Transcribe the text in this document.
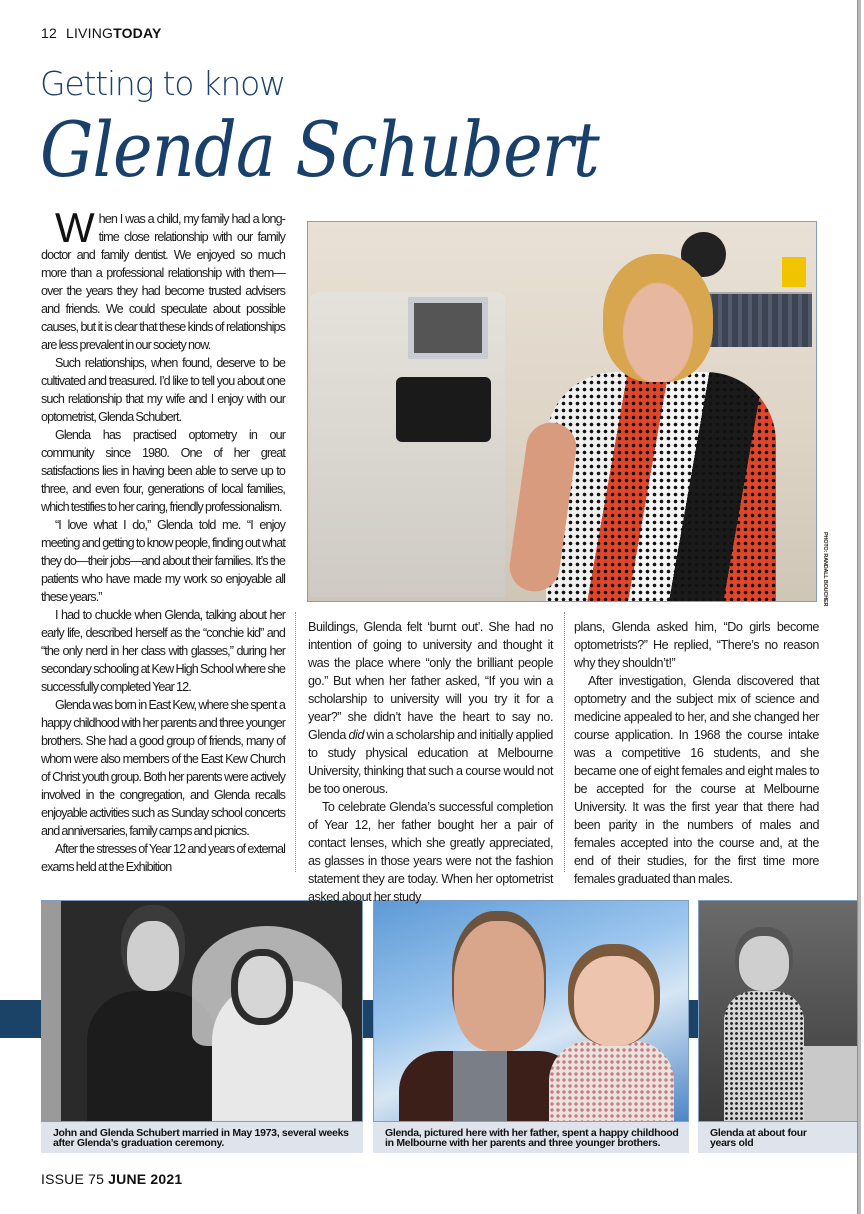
12 LIVINGTODAY
Getting to know
Glenda Schubert

When I was a child, my family had a long-time close relationship with our family doctor and family dentist. We enjoyed so much more than a professional relationship with them—over the years they had become trusted advisers and friends. We could speculate about possible causes, but it is clear that these kinds of relationships are less prevalent in our society now.

Such relationships, when found, deserve to be cultivated and treasured. I’d like to tell you about one such relationship that my wife and I enjoy with our optometrist, Glenda Schubert.

Glenda has practised optometry in our community since 1980. One of her great satisfactions lies in having been able to serve up to three, and even four, generations of local families, which testifies to her caring, friendly professionalism.

“I love what I do,” Glenda told me. “I enjoy meeting and getting to know people, finding out what they do—their jobs—and about their families. It’s the patients who have made my work so enjoyable all these years.”

I had to chuckle when Glenda, talking about her early life, described herself as the “conchie kid” and “the only nerd in her class with glasses,” during her secondary schooling at Kew High School where she successfully completed Year 12.

Glenda was born in East Kew, where she spent a happy childhood with her parents and three younger brothers. She had a good group of friends, many of whom were also members of the East Kew Church of Christ youth group. Both her parents were actively involved in the congregation, and Glenda recalls enjoyable activities such as Sunday school concerts and anniversaries, family camps and picnics.

After the stresses of Year 12 and years of external exams held at the Exhibition

Buildings, Glenda felt ‘burnt out’. She had no intention of going to university and thought it was the place where “only the brilliant people go.” But when her father asked, “If you win a scholarship to university will you try it for a year?” she didn’t have the heart to say no. Glenda did win a scholarship and initially applied to study physical education at Melbourne University, thinking that such a course would not be too onerous.

To celebrate Glenda’s successful completion of Year 12, her father bought her a pair of contact lenses, which she greatly appreciated, as glasses in those years were not the fashion statement they are today. When her optometrist asked about her study

plans, Glenda asked him, “Do girls become optometrists?” He replied, “There’s no reason why they shouldn’t!”

After investigation, Glenda discovered that optometry and the subject mix of science and medicine appealed to her, and she changed her course application. In 1968 the course intake was a competitive 16 students, and she became one of eight females and eight males to be accepted for the course at Melbourne University. It was the first year that there had been parity in the numbers of males and females accepted into the course and, at the end of their studies, for the first time more females graduated than males.

PHOTO: RANDALL BOUCHER
John and Glenda Schubert married in May 1973, several weeks after Glenda’s graduation ceremony.
Glenda, pictured here with her father, spent a happy childhood in Melbourne with her parents and three younger brothers.
Glenda at about four years old
ISSUE 75 JUNE 2021
